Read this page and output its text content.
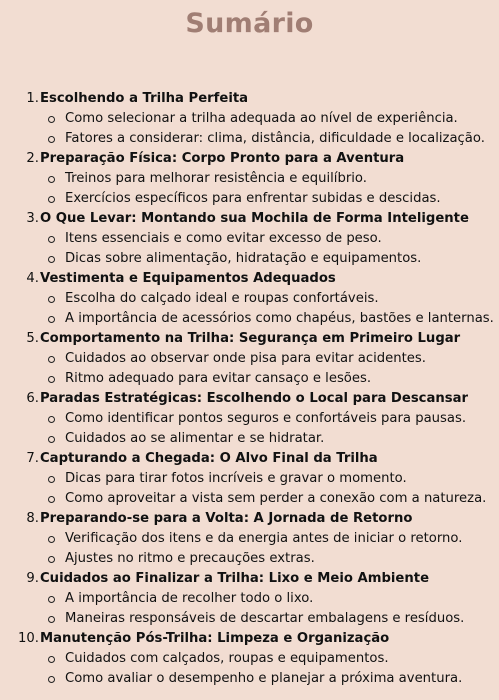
Sumário
1. Escolhendo a Trilha Perfeita
Como selecionar a trilha adequada ao nível de experiência.
Fatores a considerar: clima, distância, dificuldade e localização.
2. Preparação Física: Corpo Pronto para a Aventura
Treinos para melhorar resistência e equilíbrio.
Exercícios específicos para enfrentar subidas e descidas.
3. O Que Levar: Montando sua Mochila de Forma Inteligente
Itens essenciais e como evitar excesso de peso.
Dicas sobre alimentação, hidratação e equipamentos.
4. Vestimenta e Equipamentos Adequados
Escolha do calçado ideal e roupas confortáveis.
A importância de acessórios como chapéus, bastões e lanternas.
5. Comportamento na Trilha: Segurança em Primeiro Lugar
Cuidados ao observar onde pisa para evitar acidentes.
Ritmo adequado para evitar cansaço e lesões.
6. Paradas Estratégicas: Escolhendo o Local para Descansar
Como identificar pontos seguros e confortáveis para pausas.
Cuidados ao se alimentar e se hidratar.
7. Capturando a Chegada: O Alvo Final da Trilha
Dicas para tirar fotos incríveis e gravar o momento.
Como aproveitar a vista sem perder a conexão com a natureza.
8. Preparando-se para a Volta: A Jornada de Retorno
Verificação dos itens e da energia antes de iniciar o retorno.
Ajustes no ritmo e precauções extras.
9. Cuidados ao Finalizar a Trilha: Lixo e Meio Ambiente
A importância de recolher todo o lixo.
Maneiras responsáveis de descartar embalagens e resíduos.
10. Manutenção Pós-Trilha: Limpeza e Organização
Cuidados com calçados, roupas e equipamentos.
Como avaliar o desempenho e planejar a próxima aventura.
